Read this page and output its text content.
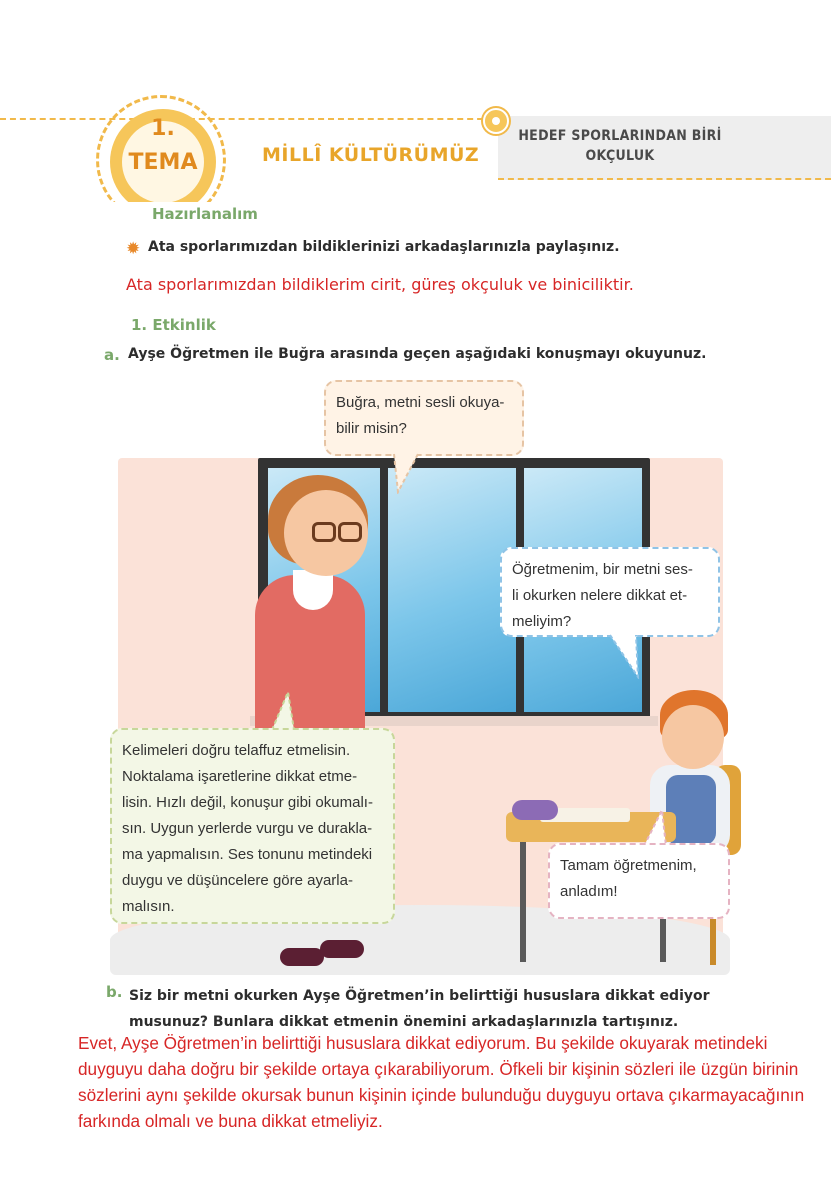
HEDEF SPORLARINDAN BİRİ
OKÇULUK
1.
TEMA	MİLLÎ KÜLTÜRÜMÜZ
Hazırlanalım
✹ Ata sporlarımızdan bildiklerinizi arkadaşlarınızla paylaşınız.
Ata sporlarımızdan bildiklerim cirit, güreş okçuluk ve biniciliktir.
1. Etkinlik
a. Ayşe Öğretmen ile Buğra arasında geçen aşağıdaki konuşmayı okuyunuz.
Buğra, metni sesli okuya-
bilir misin?
Öğretmenim, bir metni ses-
li okurken nelere dikkat et-
meliyim?
Kelimeleri doğru telaffuz etmelisin.
Noktalama işaretlerine dikkat etme-
lisin. Hızlı değil, konuşur gibi okumalı-
sın. Uygun yerlerde vurgu ve durakla-
ma yapmalısın. Ses tonunu metindeki
duygu ve düşüncelere göre ayarla-
malısın.
Tamam öğretmenim,
anladım!
b. Siz bir metni okurken Ayşe Öğretmen’in belirttiği hususlara dikkat ediyor musunuz? Bunlara dikkat etmenin önemini arkadaşlarınızla tartışınız.
Evet, Ayşe Öğretmen’in belirttiği hususlara dikkat ediyorum. Bu şekilde okuyarak metindeki duyguyu daha doğru bir şekilde ortaya çıkarabiliyorum. Öfkeli bir kişinin sözleri ile üzgün birinin sözlerini aynı şekilde okursak bunun kişinin içinde bulunduğu duyguyu ortava çıkarmayacağının farkında olmalı ve buna dikkat etmeliyiz.
